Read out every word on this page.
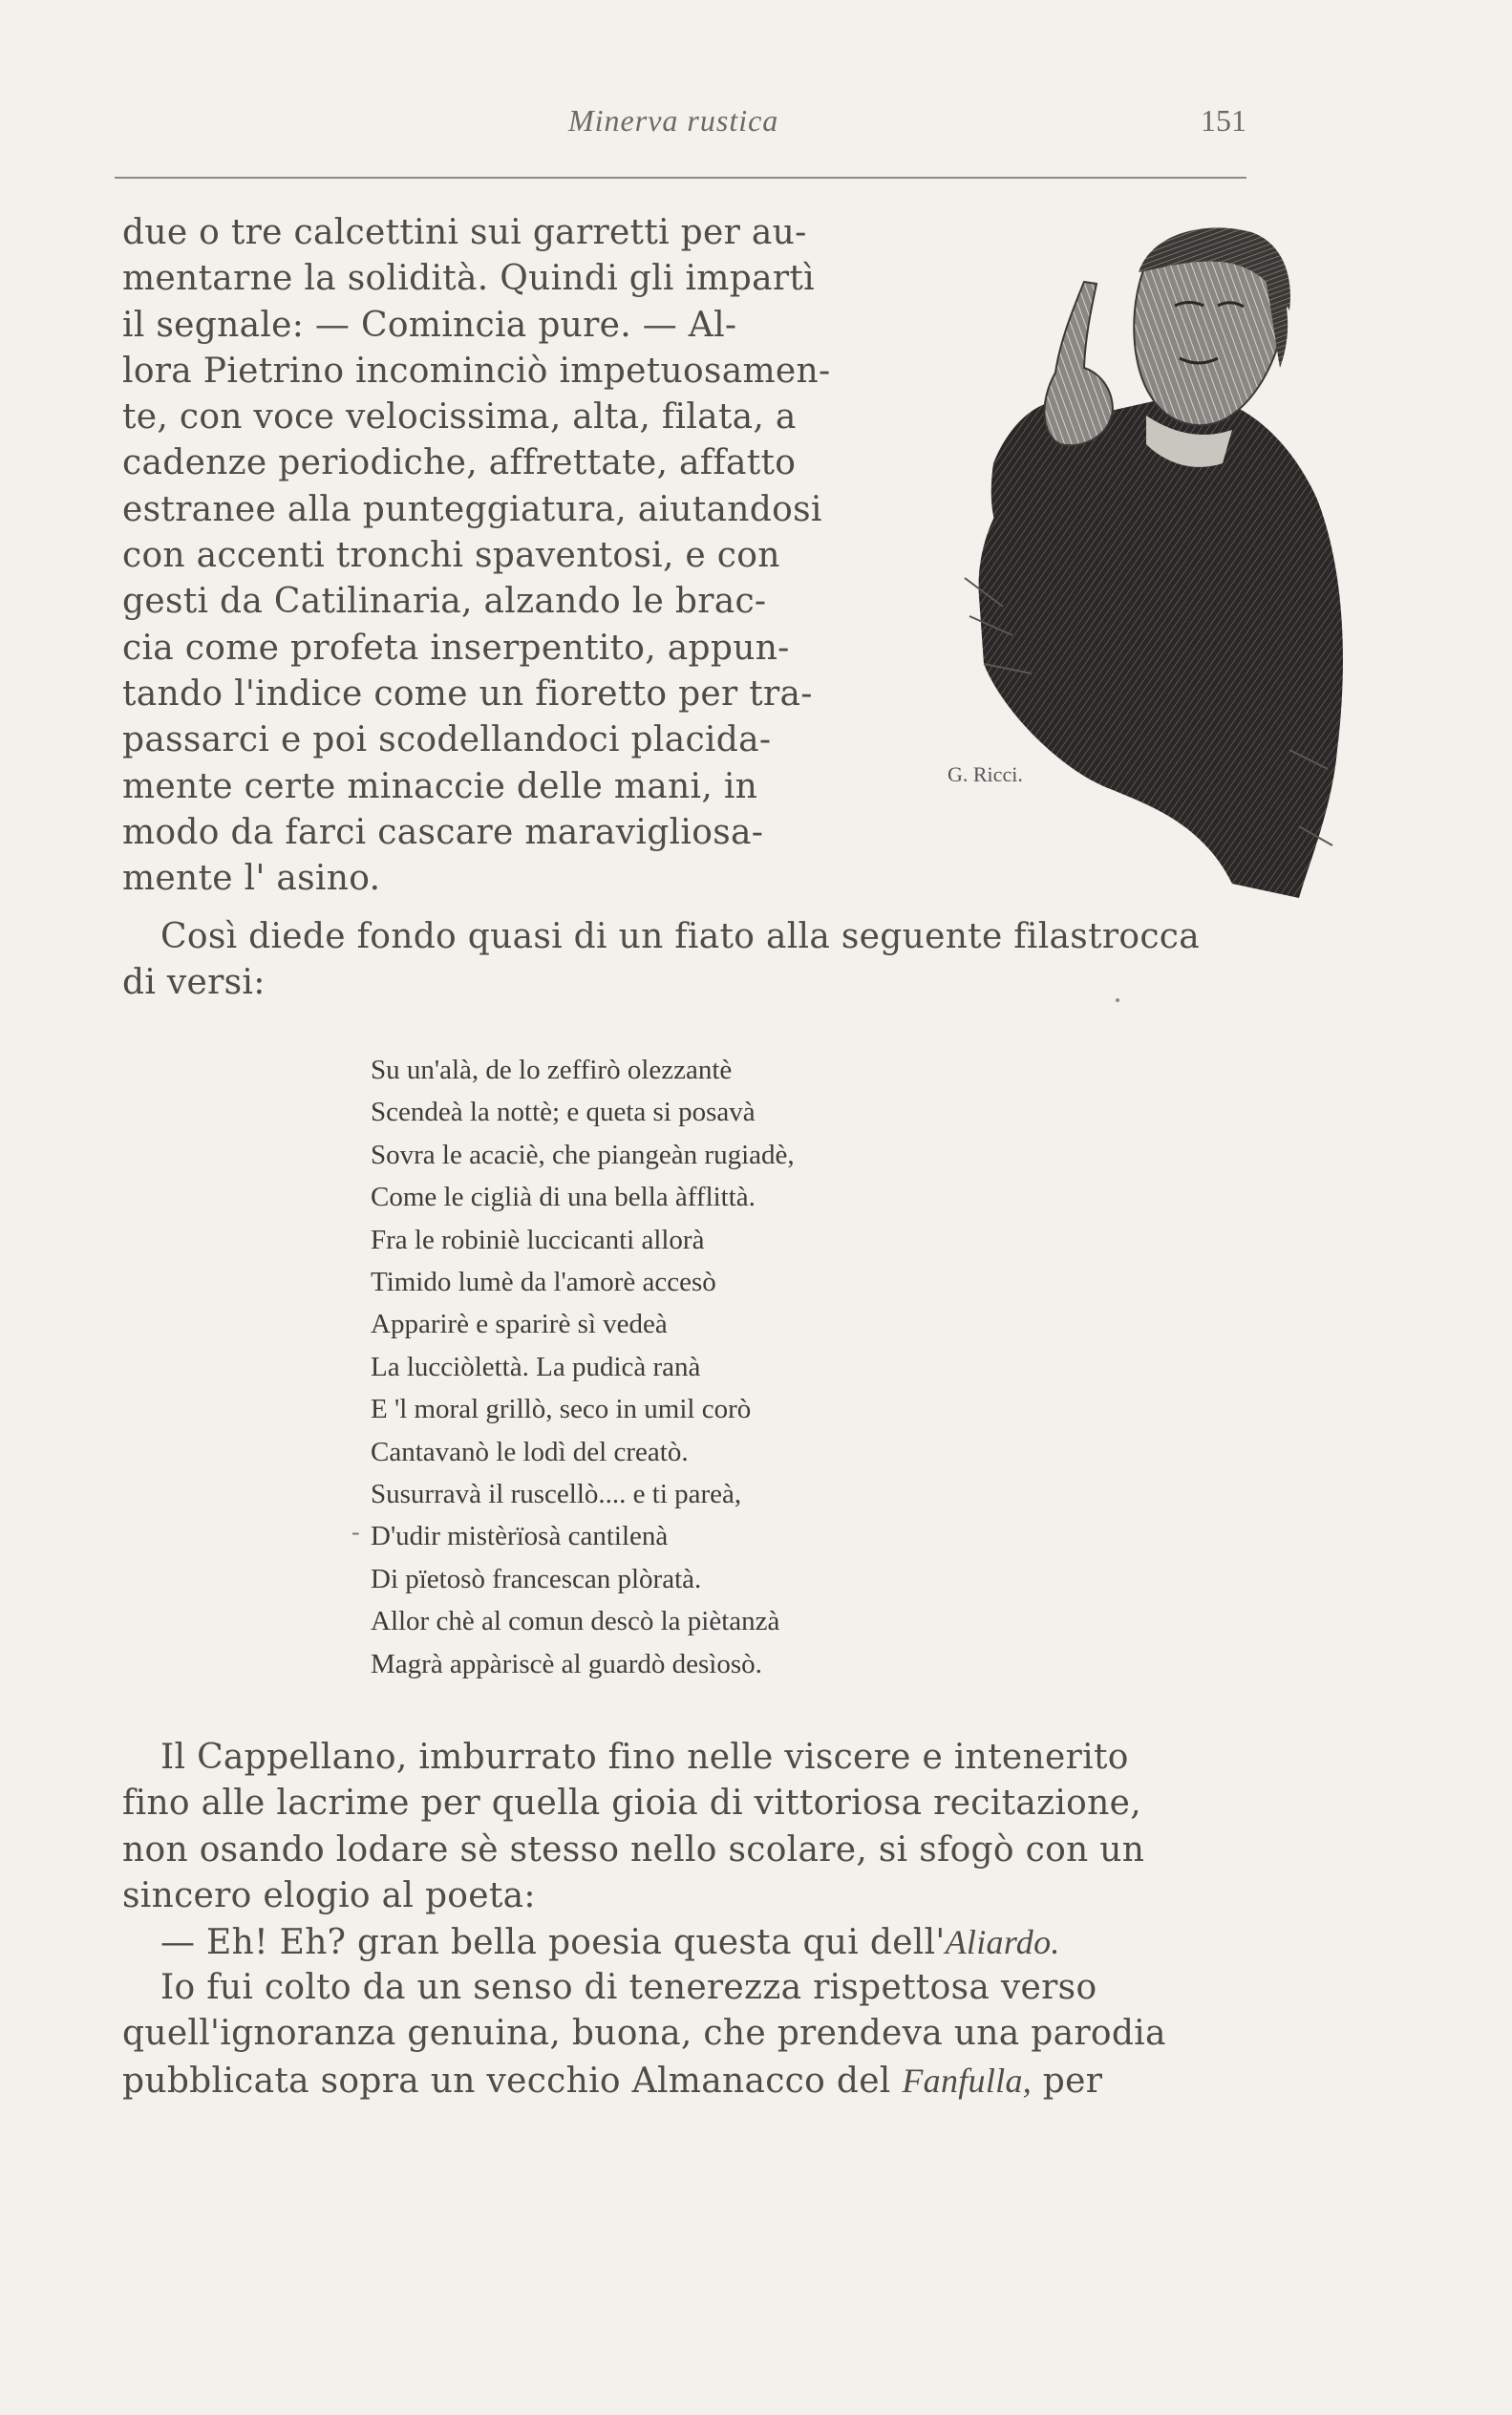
Minerva rustica	151

due o tre calcettini sui garretti per au-
mentarne la solidità. Quindi gli impartì
il segnale: — Comincia pure. — Al-
lora Pietrino incominciò impetuosamen-
te, con voce velocissima, alta, filata, a
cadenze periodiche, affrettate, affatto
estranee alla punteggiatura, aiutandosi
con accenti tronchi spaventosi, e con
gesti da Catilinaria, alzando le brac-
cia come profeta inserpentito, appun-
tando l'indice come un fioretto per tra-
passarci e poi scodellandoci placida-
mente certe minaccie delle mani, in
modo da farci cascare maravigliosa-
mente l' asino.

G. Ricci.

Così diede fondo quasi di un fiato alla seguente filastrocca
di versi:

Su un'alà, de lo zeffirò olezzantè
Scendeà la nottè; e queta si posavà
Sovra le acaciè, che piangeàn rugiadè,
Come le ciglià di una bella àfflittà.
Fra le robiniè luccicanti allorà
Timido lumè da l'amorè accesò
Apparirè e sparirè sì vedeà
La lucciòlettà. La pudicà ranà
E 'l moral grillò, seco in umil corò
Cantavanò le lodì del creatò.
Susurravà il ruscellò.... e ti pareà,
D'udir mistèrïosà cantilenà
Di pïetosò francescan plòratà.
Allor chè al comun descò la piètanzà
Magrà appàriscè al guardò desìosò.

-

Il Cappellano, imburrato fino nelle viscere e intenerito
fino alle lacrime per quella gioia di vittoriosa recitazione,
non osando lodare sè stesso nello scolare, si sfogò con un
sincero elogio al poeta:

— Eh! Eh? gran bella poesia questa qui dell'Aliardo.

Io fui colto da un senso di tenerezza rispettosa verso
quell'ignoranza genuina, buona, che prendeva una parodia
pubblicata sopra un vecchio Almanacco del Fanfulla, per
